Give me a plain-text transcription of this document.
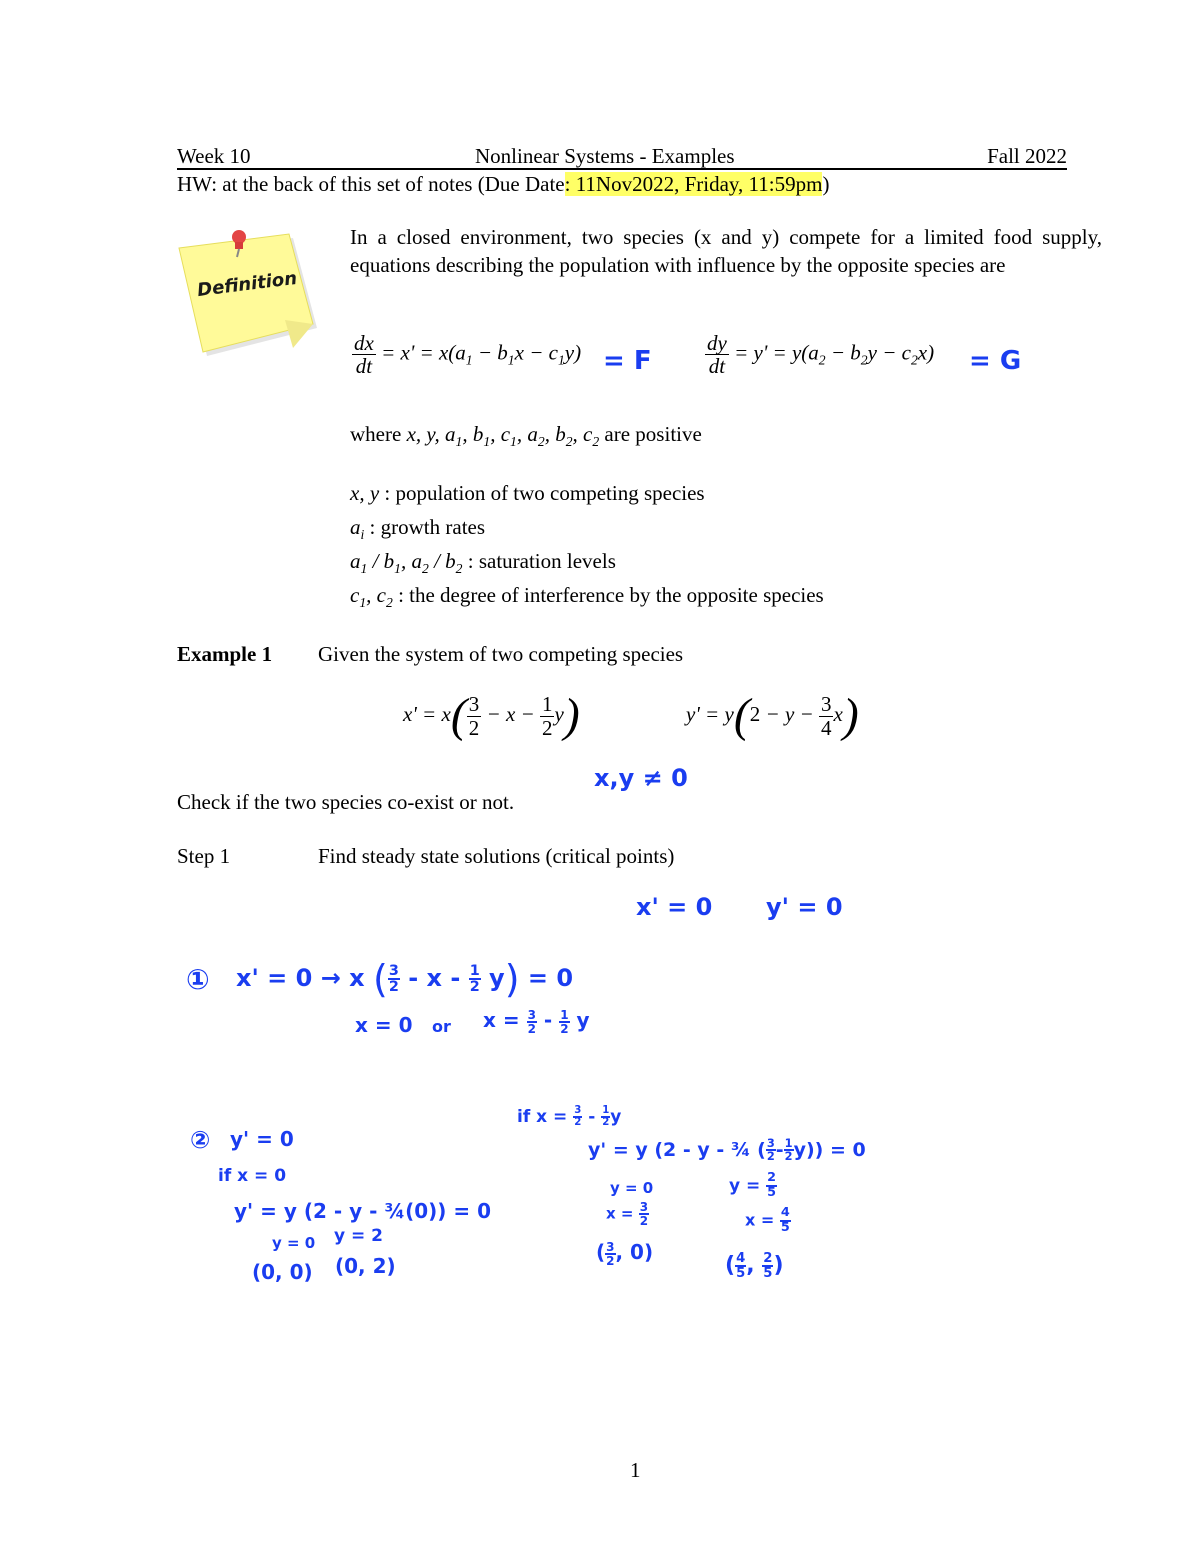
Week 10	Nonlinear Systems - Examples	Fall 2022
HW: at the back of this set of notes (Due Date: 11Nov2022, Friday, 11:59pm)
Definition
In a closed environment, two species (x and y) compete for a limited food supply, equations describing the population with influence by the opposite species are
$\frac{dx}{dt} = x' = x(a_1 - b_1x - c_1y) = F$	$\frac{dy}{dt} = y' = y(a_2 - b_2y - c_2x) = G$
where x, y, $a_1$, $b_1$, $c_1$, $a_2$, $b_2$, $c_2$ are positive
x, y : population of two competing species
$a_i$ : growth rates
$a_1 / b_1$, $a_2 / b_2$ : saturation levels
$c_1$, $c_2$ : the degree of interference by the opposite species
Example 1 Given the system of two competing species
$x' = x( \frac{3}{2} - x - \frac{1}{2} y)$	$y' = y(2 - y - \frac{3}{4} x)$
x,y ≠ 0
Check if the two species co-exist or not.
Step 1	Find steady state solutions (critical points)
x' = 0 y' = 0
① x' = 0 → x ( $\frac{3}{2} - x - \frac{1}{2} y) = 0$
x = 0 or $x = \frac{3}{2} - \frac{1}{2}$ y
② y' = 0
if x = 0
y' = y (2 - y - ¾(0)) = 0
y = 0 y = 2
(0, 0) (0, 2)
if $x = \frac{3}{2} - \frac{1}{2}$ y
y' = y (2 - y - ¾ ( $\frac{3}{2} - \frac{1}{2} y)) = 0$
y = 0
$x = \frac{3}{2}$
$y = \frac{2}{5}$
$x = \frac{4}{5}$
( $\frac{3}{2}$ , 0)
( $\frac{4}{5}$ , $\frac{2}{5}$ )
1
